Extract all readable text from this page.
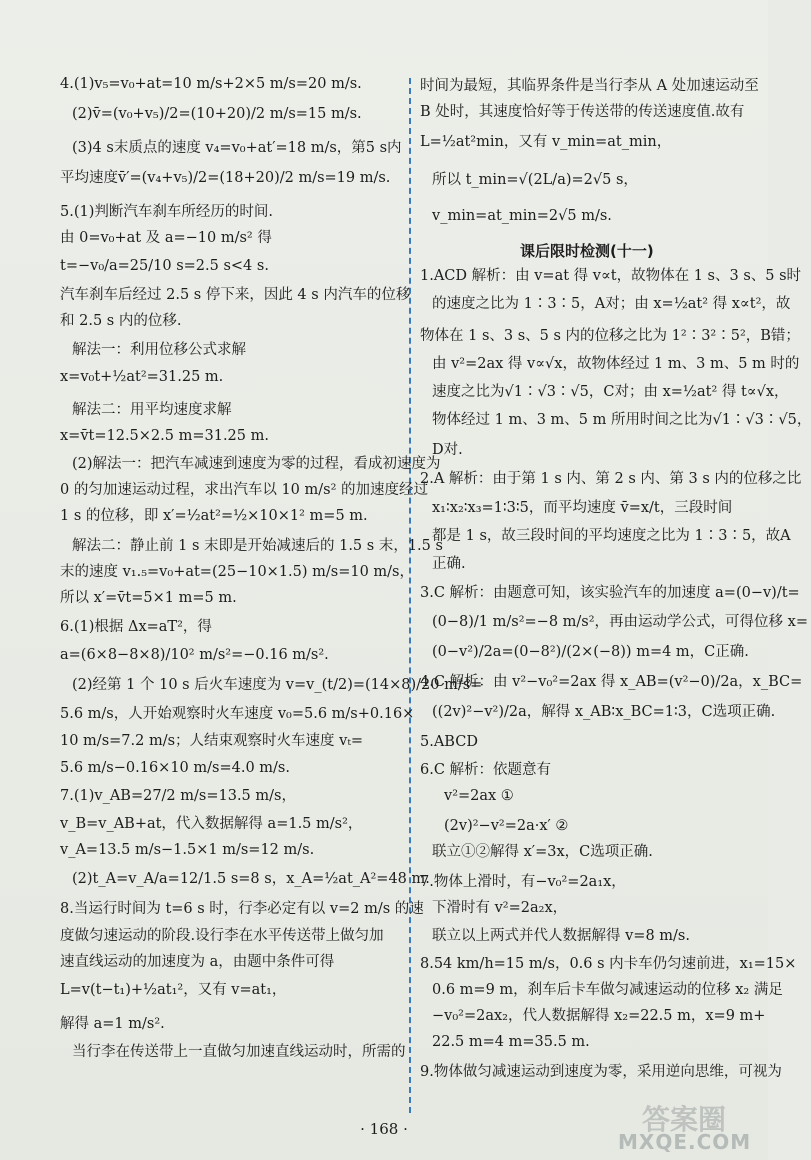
4.(1)v₅=v₀+at=10 m/s+2×5 m/s=20 m/s.
(2)v̄=(v₀+v₅)/2=(10+20)/2 m/s=15 m/s.
(3)4 s末质点的速度 v₄=v₀+at′=18 m/s，第5 s内
平均速度v̄′=(v₄+v₅)/2=(18+20)/2 m/s=19 m/s.
5.(1)判断汽车刹车所经历的时间.
由 0=v₀+at 及 a=−10 m/s² 得
t=−v₀/a=25/10 s=2.5 s<4 s.
汽车刹车后经过 2.5 s 停下来，因此 4 s 内汽车的位移
和 2.5 s 内的位移.
解法一：利用位移公式求解
x=v₀t+½at²=31.25 m.
解法二：用平均速度求解
x=v̄t=12.5×2.5 m=31.25 m.
(2)解法一：把汽车减速到速度为零的过程，看成初速度为
0 的匀加速运动过程，求出汽车以 10 m/s² 的加速度经过
1 s 的位移，即 x′=½at²=½×10×1² m=5 m.
解法二：静止前 1 s 末即是开始减速后的 1.5 s 末，1.5 s
末的速度 v₁.₅=v₀+at=(25−10×1.5) m/s=10 m/s，
所以 x′=v̄t=5×1 m=5 m.
6.(1)根据 Δx=aT²，得
a=(6×8−8×8)/10² m/s²=−0.16 m/s².
(2)经第 1 个 10 s 后火车速度为 v=v_(t/2)=(14×8)/20 m/s=
5.6 m/s，人开始观察时火车速度 v₀=5.6 m/s+0.16×
10 m/s=7.2 m/s；人结束观察时火车速度 vₜ=
5.6 m/s−0.16×10 m/s=4.0 m/s.
7.(1)v_AB=27/2 m/s=13.5 m/s，
v_B=v_AB+at，代入数据解得 a=1.5 m/s²，
v_A=13.5 m/s−1.5×1 m/s=12 m/s.
(2)t_A=v_A/a=12/1.5 s=8 s，x_A=½at_A²=48 m.
8.当运行时间为 t=6 s 时，行李必定有以 v=2 m/s 的速
度做匀速运动的阶段.设行李在水平传送带上做匀加
速直线运动的加速度为 a，由题中条件可得
L=v(t−t₁)+½at₁²，又有 v=at₁，
解得 a=1 m/s².
当行李在传送带上一直做匀加速直线运动时，所需的
时间为最短，其临界条件是当行李从 A 处加速运动至
B 处时，其速度恰好等于传送带的传送速度值.故有
L=½at²min，又有 v_min=at_min，
所以 t_min=√(2L/a)=2√5 s，
v_min=at_min=2√5 m/s.
课后限时检测(十一)
1.ACD 解析：由 v=at 得 v∝t，故物体在 1 s、3 s、5 s时
的速度之比为 1∶3∶5，A对；由 x=½at² 得 x∝t²，故
物体在 1 s、3 s、5 s 内的位移之比为 1²∶3²∶5²，B错；
由 v²=2ax 得 v∝√x，故物体经过 1 m、3 m、5 m 时的
速度之比为√1∶√3∶√5，C对；由 x=½at² 得 t∝√x，
物体经过 1 m、3 m、5 m 所用时间之比为√1∶√3∶√5，
D对.
2.A 解析：由于第 1 s 内、第 2 s 内、第 3 s 内的位移之比
x₁∶x₂∶x₃=1∶3∶5，而平均速度 v̄=x/t，三段时间
都是 1 s，故三段时间的平均速度之比为 1∶3∶5，故A
正确.
3.C 解析：由题意可知，该实验汽车的加速度 a=(0−v)/t=
(0−8)/1 m/s²=−8 m/s²，再由运动学公式，可得位移 x=
(0−v²)/2a=(0−8²)/(2×(−8)) m=4 m，C正确.
4.C 解析：由 v²−v₀²=2ax 得 x_AB=(v²−0)/2a，x_BC=
((2v)²−v²)/2a，解得 x_AB∶x_BC=1∶3，C选项正确.
5.ABCD
6.C 解析：依题意有
v²=2ax ①
(2v)²−v²=2a·x′ ②
联立①②解得 x′=3x，C选项正确.
7.物体上滑时，有−v₀²=2a₁x，
下滑时有 v²=2a₂x，
联立以上两式并代人数据解得 v=8 m/s.
8.54 km/h=15 m/s，0.6 s 内卡车仍匀速前进，x₁=15×
0.6 m=9 m，刹车后卡车做匀减速运动的位移 x₂ 满足
−v₀²=2ax₂，代人数据解得 x₂=22.5 m，x=9 m+
22.5 m=4 m=35.5 m.
9.物体做匀减速运动到速度为零，采用逆向思维，可视为
· 168 ·	答案圈
MXQE.COM
